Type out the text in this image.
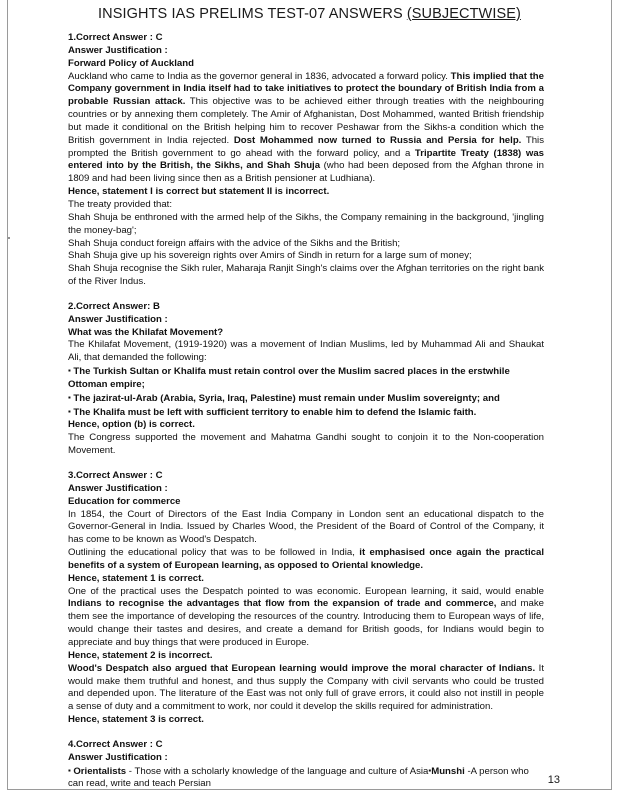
INSIGHTS IAS PRELIMS TEST-07 ANSWERS (SUBJECTWISE)

1.Correct Answer : C

Answer Justification :

Forward Policy of Auckland

Auckland who came to India as the governor general in 1836, advocated a forward policy. This implied that the Company government in India itself had to take initiatives to protect the boundary of British India from a probable Russian attack. This objective was to be achieved either through treaties with the neighbouring countries or by annexing them completely. The Amir of Afghanistan, Dost Mohammed, wanted British friendship but made it conditional on the British helping him to recover Peshawar from the Sikhs-a condition which the British government in India rejected. Dost Mohammed now turned to Russia and Persia for help. This prompted the British government to go ahead with the forward policy, and a Tripartite Treaty (1838) was entered into by the British, the Sikhs, and Shah Shuja (who had been deposed from the Afghan throne in 1809 and had been living since then as a British pensioner at Ludhiana).

Hence, statement I is correct but statement II is incorrect.

The treaty provided that:

Shah Shuja be enthroned with the armed help of the Sikhs, the Company remaining in the background, 'jingling the money-bag';

Shah Shuja conduct foreign affairs with the advice of the Sikhs and the British;

Shah Shuja give up his sovereign rights over Amirs of Sindh in return for a large sum of money;

Shah Shuja recognise the Sikh ruler, Maharaja Ranjit Singh's claims over the Afghan territories on the right bank of the River Indus.

2.Correct Answer: B

Answer Justification :

What was the Khilafat Movement?

The Khilafat Movement, (1919-1920) was a movement of Indian Muslims, led by Muhammad Ali and Shaukat Ali, that demanded the following:

▪ The Turkish Sultan or Khalifa must retain control over the Muslim sacred places in the erstwhile Ottoman empire;

▪ The jazirat-ul-Arab (Arabia, Syria, Iraq, Palestine) must remain under Muslim sovereignty; and

▪ The Khalifa must be left with sufficient territory to enable him to defend the Islamic faith.

Hence, option (b) is correct.

The Congress supported the movement and Mahatma Gandhi sought to conjoin it to the Non-cooperation Movement.

3.Correct Answer : C

Answer Justification :

Education for commerce

In 1854, the Court of Directors of the East India Company in London sent an educational dispatch to the Governor-General in India. Issued by Charles Wood, the President of the Board of Control of the Company, it has come to be known as Wood's Despatch.

Outlining the educational policy that was to be followed in India, it emphasised once again the practical benefits of a system of European learning, as opposed to Oriental knowledge.

Hence, statement 1 is correct.

One of the practical uses the Despatch pointed to was economic. European learning, it said, would enable Indians to recognise the advantages that flow from the expansion of trade and commerce, and make them see the importance of developing the resources of the country. Introducing them to European ways of life, would change their tastes and desires, and create a demand for British goods, for Indians would begin to appreciate and buy things that were produced in Europe.

Hence, statement 2 is incorrect.

Wood's Despatch also argued that European learning would improve the moral character of Indians. It would make them truthful and honest, and thus supply the Company with civil servants who could be trusted and depended upon. The literature of the East was not only full of grave errors, it could also not instill in people a sense of duty and a commitment to work, nor could it develop the skills required for administration.

Hence, statement 3 is correct.

4.Correct Answer : C

Answer Justification :

▪ Orientalists - Those with a scholarly knowledge of the language and culture of Asia▪Munshi -A person who can read, write and teach Persian	13
